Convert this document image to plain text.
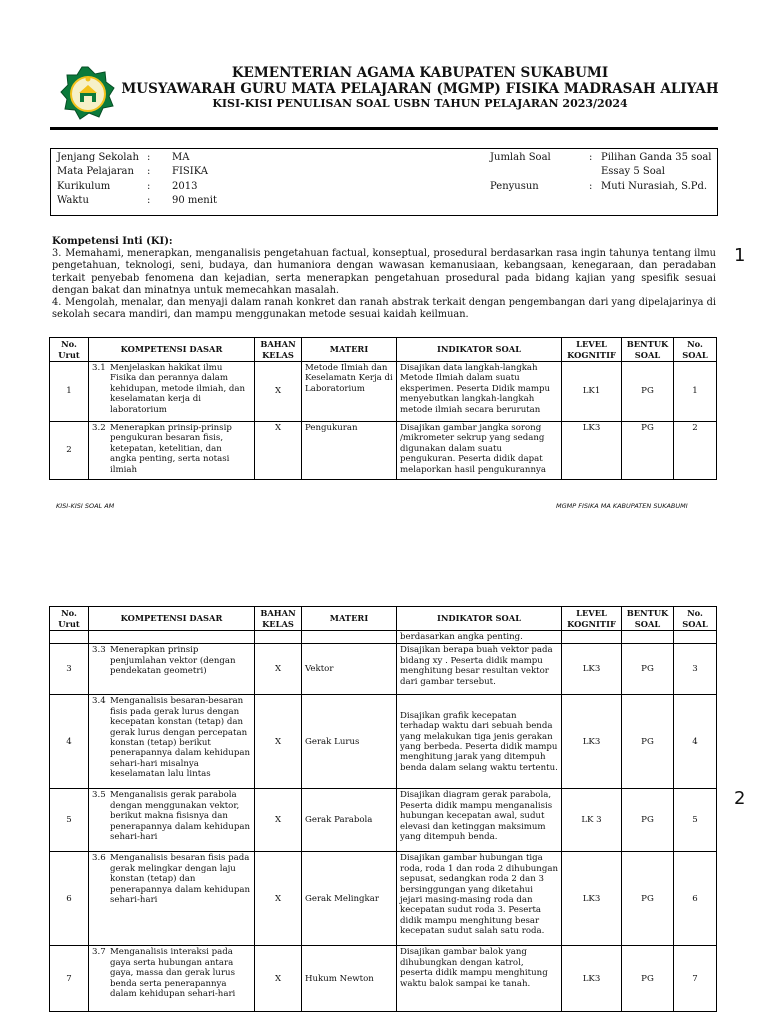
KEMENTERIAN AGAMA KABUPATEN SUKABUMI
MUSYAWARAH GURU MATA PELAJARAN (MGMP) FISIKA MADRASAH ALIYAH
KISI-KISI PENULISAN SOAL USBN TAHUN PELAJARAN 2023/2024
Jenjang Sekolah : MA
Mata Pelajaran : FISIKA
Kurikulum	: 2013
Waktu	: 90 menit
Jumlah Soal	: Pilihan Ganda 35 soal
Essay 5 Soal
Penyusun	: Muti Nurasiah, S.Pd.
Kompetensi Inti (KI):
3. Memahami, menerapkan, menganalisis pengetahuan factual, konseptual, prosedural berdasarkan rasa ingin tahunya tentang ilmu pengetahuan, teknologi, seni, budaya, dan humaniora dengan wawasan kemanusiaan, kebangsaan, kenegaraan, dan peradaban terkait penyebab fenomena dan kejadian, serta menerapkan pengetahuan prosedural pada bidang kajian yang spesifik sesuai dengan bakat dan minatnya untuk memecahkan masalah.
4. Mengolah, menalar, dan menyaji dalam ranah konkret dan ranah abstrak terkait dengan pengembangan dari yang dipelajarinya di sekolah secara mandiri, dan mampu menggunakan metode sesuai kaidah keilmuan.
1
No. Urut	KOMPETENSI DASAR	BAHAN KELAS	MATERI	INDIKATOR SOAL	LEVEL KOGNITIF	BENTUK SOAL	No. SOAL
1	3.1 Menjelaskan hakikat ilmu Fisika dan perannya dalam kehidupan, metode ilmiah, dan keselamatan kerja di laboratorium	X	Metode Ilmiah dan Keselamatn Kerja di Laboratorium	Disajikan data langkah-langkah Metode Ilmiah dalam suatu eksperimen. Peserta Didik mampu menyebutkan langkah-langkah metode ilmiah secara berurutan	LK1	PG	1
2	3.2 Menerapkan prinsip-prinsip pengukuran besaran fisis, ketepatan, ketelitian, dan angka penting, serta notasi ilmiah	X	Pengukuran	Disajikan gambar jangka sorong /mikrometer sekrup yang sedang digunakan dalam suatu pengukuran. Peserta didik dapat melaporkan hasil pengukurannya	LK3	PG	2
KISI-KISI SOAL AM	MGMP FISIKA MA KABUPATEN SUKABUMI
2
No. Urut	KOMPETENSI DASAR	BAHAN KELAS	MATERI	INDIKATOR SOAL	LEVEL KOGNITIF	BENTUK SOAL	No. SOAL
				berdasarkan angka penting.			
3	3.3 Menerapkan prinsip penjumlahan vektor (dengan pendekatan geometri)	X	Vektor	Disajikan berapa buah vektor pada bidang xy . Peserta didik mampu menghitung besar resultan vektor dari gambar tersebut.	LK3	PG	3
4	3.4 Menganalisis besaran-besaran fisis pada gerak lurus dengan kecepatan konstan (tetap) dan gerak lurus dengan percepatan konstan (tetap) berikut penerapannya dalam kehidupan sehari-hari misalnya keselamatan lalu lintas	X	Gerak Lurus	Disajikan grafik kecepatan terhadap waktu dari sebuah benda yang melakukan tiga jenis gerakan yang berbeda. Peserta didik mampu menghitung jarak yang ditempuh benda dalam selang waktu tertentu.	LK3	PG	4
5	3.5 Menganalisis gerak parabola dengan menggunakan vektor, berikut makna fisisnya dan penerapannya dalam kehidupan sehari-hari	X	Gerak Parabola	Disajikan diagram gerak parabola, Peserta didik mampu menganalisis hubungan kecepatan awal, sudut elevasi dan ketinggan maksimum yang ditempuh benda.	LK 3	PG	5
6	3.6 Menganalisis besaran fisis pada gerak melingkar dengan laju konstan (tetap) dan penerapannya dalam kehidupan sehari-hari	X	Gerak Melingkar	Disajikan gambar hubungan tiga roda, roda 1 dan roda 2 dihubungan sepusat, sedangkan roda 2 dan 3 bersinggungan yang diketahui jejari masing-masing roda dan kecepatan sudut roda 3. Peserta didik mampu menghitung besar kecepatan sudut salah satu roda.	LK3	PG	6
7	3.7 Menganalisis interaksi pada gaya serta hubungan antara gaya, massa dan gerak lurus benda serta penerapannya dalam kehidupan sehari-hari	X	Hukum Newton	Disajikan gambar balok yang dihubungkan dengan katrol, peserta didik mampu menghitung waktu balok sampai ke tanah.	LK3	PG	7
